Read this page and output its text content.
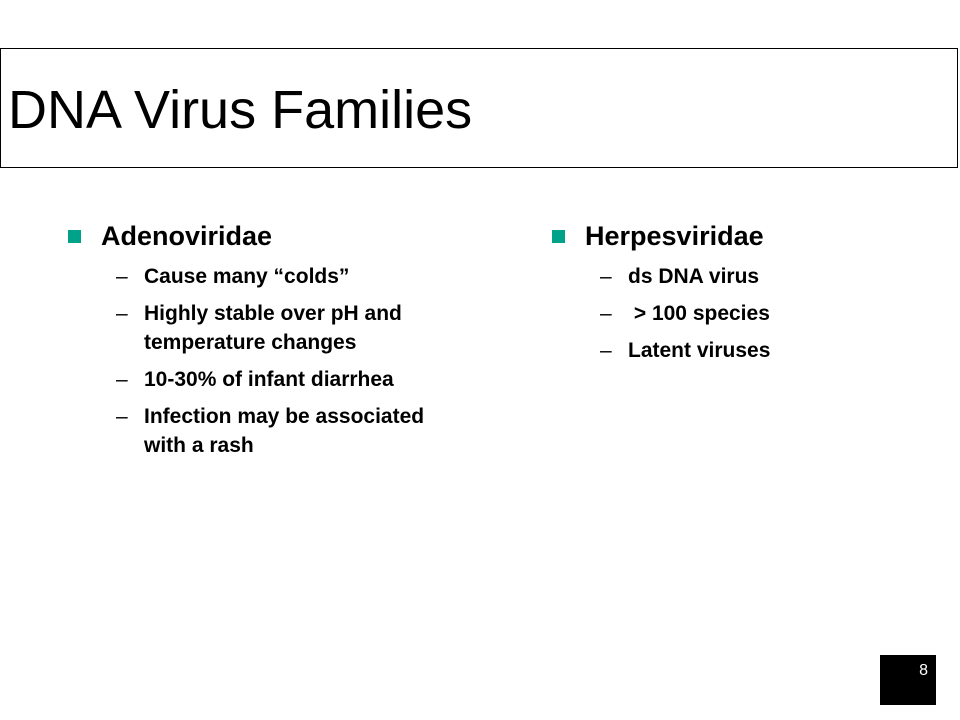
DNA Virus Families
Adenoviridae
– Cause many “colds”
– Highly stable over pH and temperature changes
– 10-30% of infant diarrhea
– Infection may be associated with a rash
Herpesviridae
– ds DNA virus
– > 100 species
– Latent viruses
8
